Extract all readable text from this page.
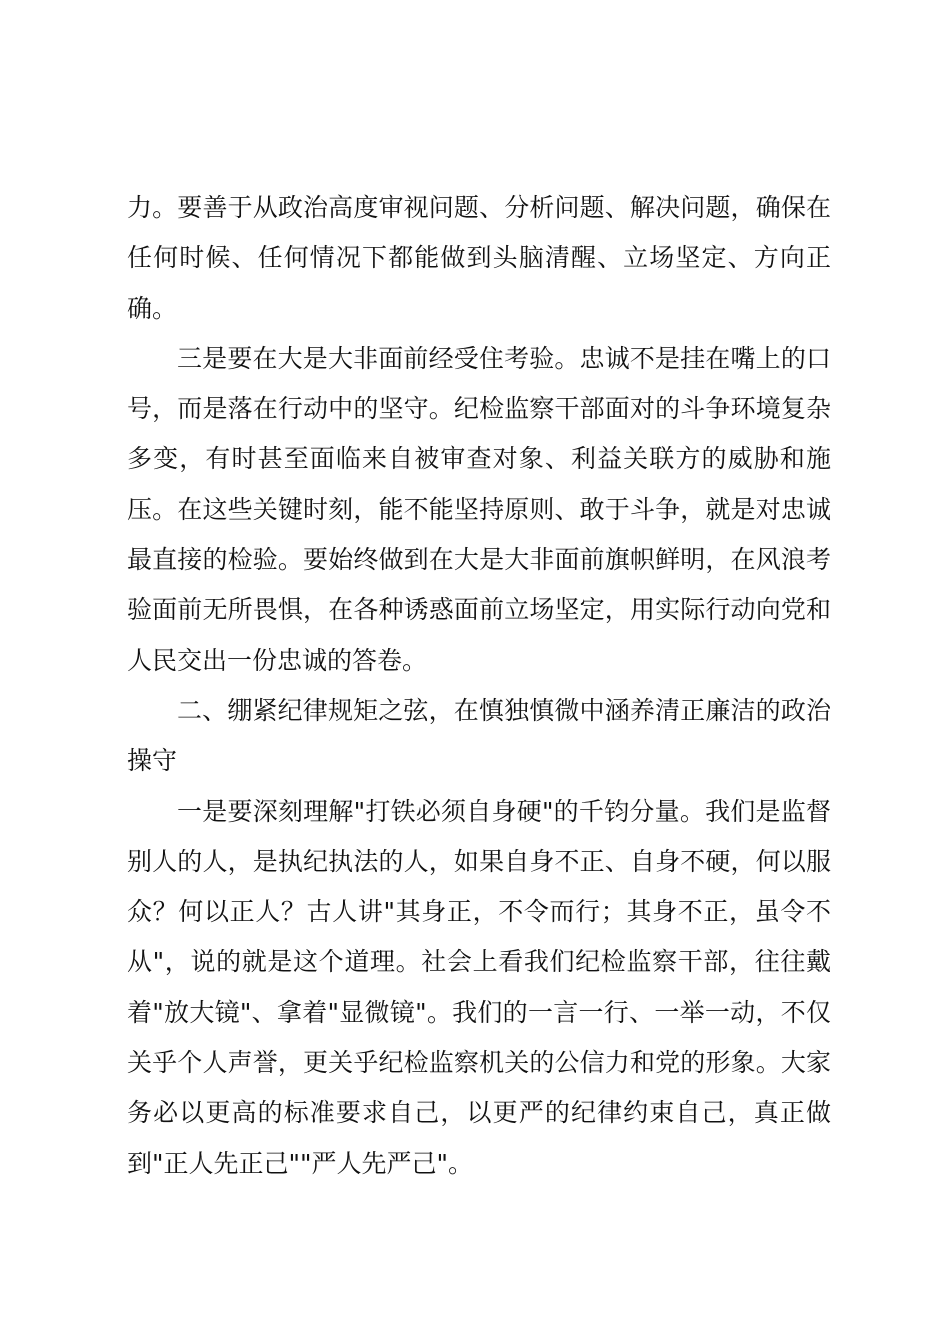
力。要善于从政治高度审视问题、分析问题、解决问题，确保在任何时候、任何情况下都能做到头脑清醒、立场坚定、方向正确。

三是要在大是大非面前经受住考验。忠诚不是挂在嘴上的口号，而是落在行动中的坚守。纪检监察干部面对的斗争环境复杂多变，有时甚至面临来自被审查对象、利益关联方的威胁和施压。在这些关键时刻，能不能坚持原则、敢于斗争，就是对忠诚最直接的检验。要始终做到在大是大非面前旗帜鲜明，在风浪考验面前无所畏惧，在各种诱惑面前立场坚定，用实际行动向党和人民交出一份忠诚的答卷。

二、绷紧纪律规矩之弦，在慎独慎微中涵养清正廉洁的政治操守

一是要深刻理解"打铁必须自身硬"的千钧分量。我们是监督别人的人，是执纪执法的人，如果自身不正、自身不硬，何以服众？何以正人？古人讲"其身正，不令而行；其身不正，虽令不从"，说的就是这个道理。社会上看我们纪检监察干部，往往戴着"放大镜"、拿着"显微镜"。我们的一言一行、一举一动，不仅关乎个人声誉，更关乎纪检监察机关的公信力和党的形象。大家务必以更高的标准要求自己，以更严的纪律约束自己，真正做到"正人先正己""严人先严己"。
